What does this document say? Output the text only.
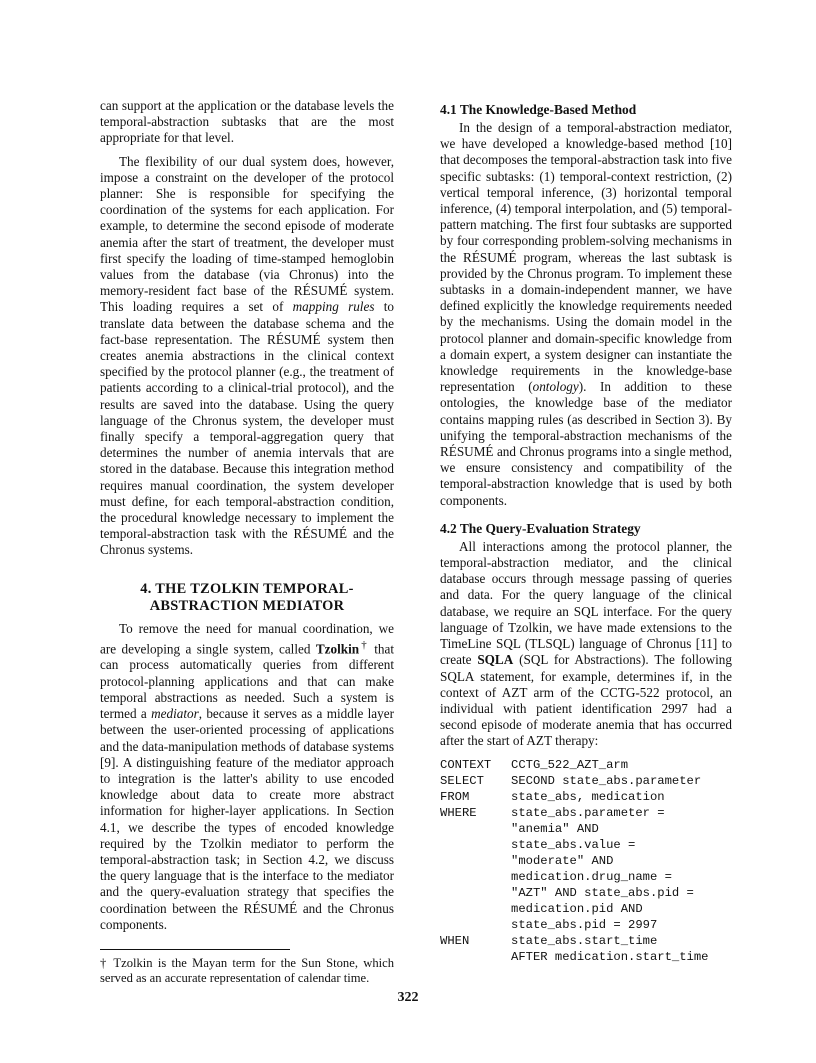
can support at the application or the database levels the temporal-abstraction subtasks that are the most appropriate for that level.

The flexibility of our dual system does, however, impose a constraint on the developer of the protocol planner: She is responsible for specifying the coordination of the systems for each application. For example, to determine the second episode of moderate anemia after the start of treatment, the developer must first specify the loading of time-stamped hemoglobin values from the database (via Chronus) into the memory-resident fact base of the RÉSUMÉ system. This loading requires a set of mapping rules to translate data between the database schema and the fact-base representation. The RÉSUMÉ system then creates anemia abstractions in the clinical context specified by the protocol planner (e.g., the treatment of patients according to a clinical-trial protocol), and the results are saved into the database. Using the query language of the Chronus system, the developer must finally specify a temporal-aggregation query that determines the number of anemia intervals that are stored in the database. Because this integration method requires manual coordination, the system developer must define, for each temporal-abstraction condition, the procedural knowledge necessary to implement the temporal-abstraction task with the RÉSUMÉ and the Chronus systems.

4. THE TZOLKIN TEMPORAL-
ABSTRACTION MEDIATOR

To remove the need for manual coordination, we are developing a single system, called Tzolkin† that can process automatically queries from different protocol-planning applications and that can make temporal abstractions as needed. Such a system is termed a mediator, because it serves as a middle layer between the user-oriented processing of applications and the data-manipulation methods of database systems [9]. A distinguishing feature of the mediator approach to integration is the latter's ability to use encoded knowledge about data to create more abstract information for higher-layer applications. In Section 4.1, we describe the types of encoded knowledge required by the Tzolkin mediator to perform the temporal-abstraction task; in Section 4.2, we discuss the query language that is the interface to the mediator and the query-evaluation strategy that specifies the coordination between the RÉSUMÉ and the Chronus components.

† Tzolkin is the Mayan term for the Sun Stone, which served as an accurate representation of calendar time.

4.1 The Knowledge-Based Method

In the design of a temporal-abstraction mediator, we have developed a knowledge-based method [10] that decomposes the temporal-abstraction task into five specific subtasks: (1) temporal-context restriction, (2) vertical temporal inference, (3) horizontal temporal inference, (4) temporal interpolation, and (5) temporal-pattern matching. The first four subtasks are supported by four corresponding problem-solving mechanisms in the RÉSUMÉ program, whereas the last subtask is provided by the Chronus program. To implement these subtasks in a domain-independent manner, we have defined explicitly the knowledge requirements needed by the mechanisms. Using the domain model in the protocol planner and domain-specific knowledge from a domain expert, a system designer can instantiate the knowledge requirements in the knowledge-base representation (ontology). In addition to these ontologies, the knowledge base of the mediator contains mapping rules (as described in Section 3). By unifying the temporal-abstraction mechanisms of the RÉSUMÉ and Chronus programs into a single method, we ensure consistency and compatibility of the temporal-abstraction knowledge that is used by both components.

4.2 The Query-Evaluation Strategy

All interactions among the protocol planner, the temporal-abstraction mediator, and the clinical database occurs through message passing of queries and data. For the query language of the clinical database, we require an SQL interface. For the query language of Tzolkin, we have made extensions to the TimeLine SQL (TLSQL) language of Chronus [11] to create SQLA (SQL for Abstractions). The following SQLA statement, for example, determines if, in the context of AZT arm of the CCTG-522 protocol, an individual with patient identification 2997 had a second episode of moderate anemia that has occurred after the start of AZT therapy:

CONTEXT	CCTG_522_AZT_arm
SELECT	SECOND state_abs.parameter
FROM	state_abs, medication
WHERE	state_abs.parameter =
"anemia" AND
state_abs.value =
"moderate" AND
medication.drug_name =
"AZT" AND state_abs.pid =
medication.pid AND
state_abs.pid = 2997
WHEN	state_abs.start_time
AFTER medication.start_time
322
